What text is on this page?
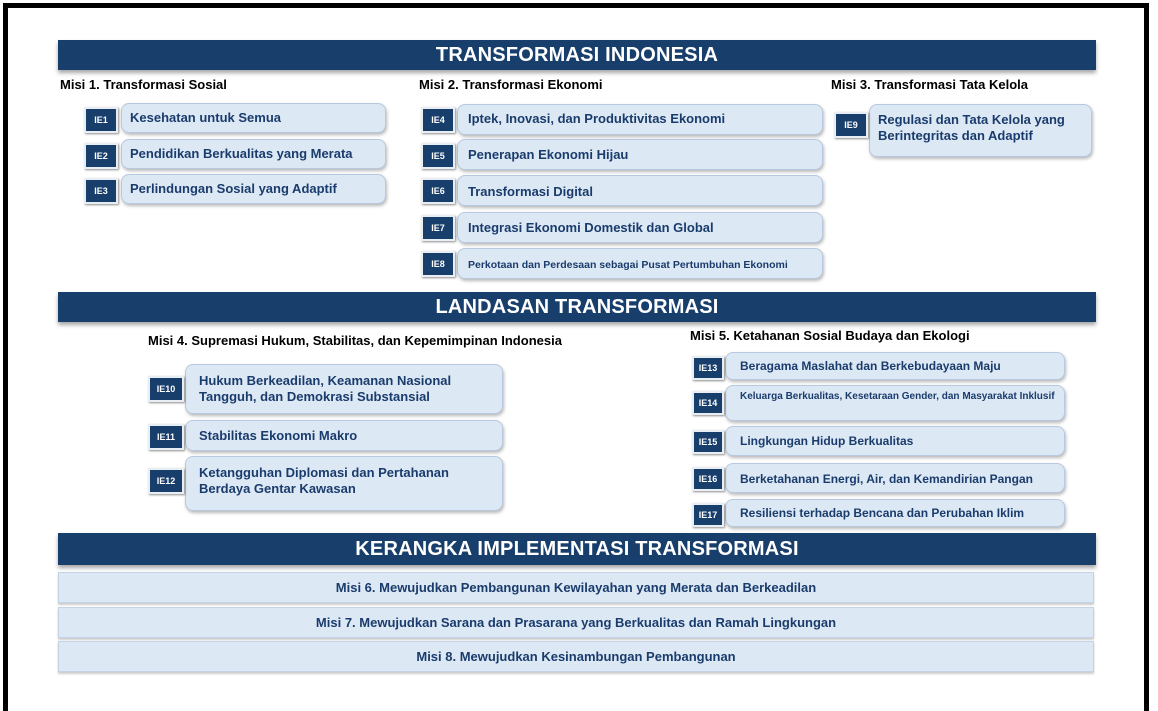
TRANSFORMASI INDONESIA
Misi 1. Transformasi Sosial	Misi 2. Transformasi Ekonomi	Misi 3. Transformasi Tata Kelola
Kesehatan untuk Semua
IE1
Pendidikan Berkualitas yang Merata
IE2
Perlindungan Sosial yang Adaptif
IE3
Iptek, Inovasi, dan Produktivitas Ekonomi
IE4
Penerapan Ekonomi Hijau
IE5
Transformasi Digital
IE6
Integrasi Ekonomi Domestik dan Global
IE7
Perkotaan dan Perdesaan sebagai Pusat Pertumbuhan Ekonomi
IE8
Regulasi dan Tata Kelola yang Berintegritas dan Adaptif
IE9
LANDASAN TRANSFORMASI
Misi 4. Supremasi Hukum, Stabilitas, dan Kepemimpinan Indonesia	Misi 5. Ketahanan Sosial Budaya dan Ekologi
Hukum Berkeadilan, Keamanan Nasional Tangguh, dan Demokrasi Substansial
IE10
Stabilitas Ekonomi Makro
IE11
Ketangguhan Diplomasi dan Pertahanan Berdaya Gentar Kawasan
IE12
Beragama Maslahat dan Berkebudayaan Maju
IE13
Keluarga Berkualitas, Kesetaraan Gender, dan Masyarakat Inklusif
IE14
Lingkungan Hidup Berkualitas
IE15
Berketahanan Energi, Air, dan Kemandirian Pangan
IE16
Resiliensi terhadap Bencana dan Perubahan Iklim
IE17
KERANGKA IMPLEMENTASI TRANSFORMASI
Misi 6. Mewujudkan Pembangunan Kewilayahan yang Merata dan Berkeadilan
Misi 7. Mewujudkan Sarana dan Prasarana yang Berkualitas dan Ramah Lingkungan
Misi 8. Mewujudkan Kesinambungan Pembangunan
